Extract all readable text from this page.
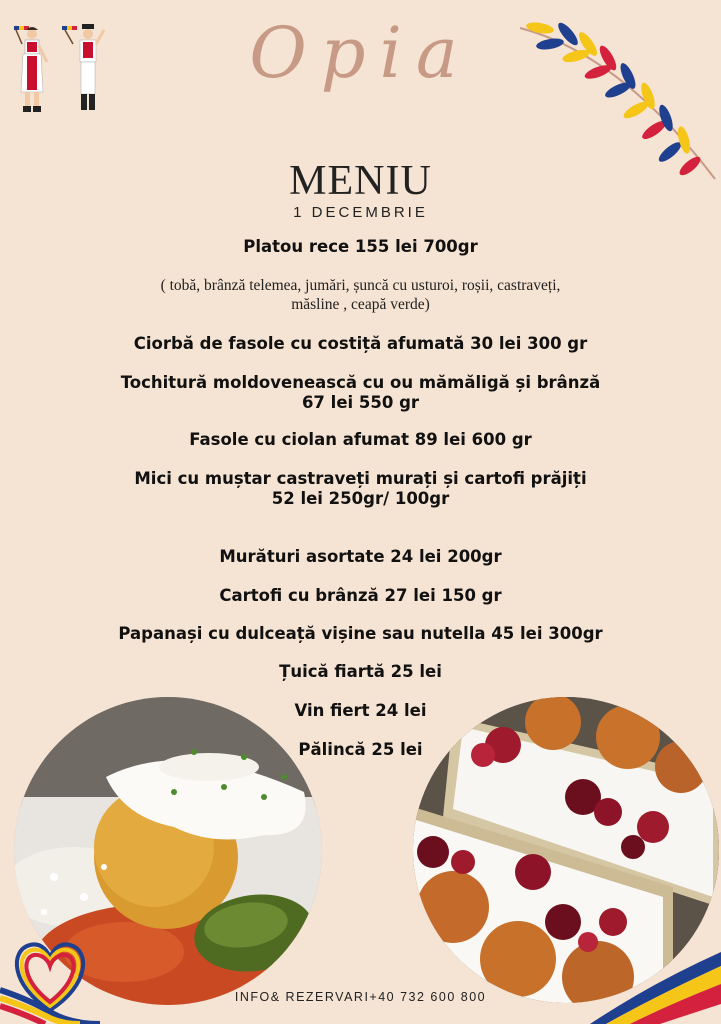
Opia
MENIU
1 DECEMBRIE
Platou rece 155 lei 700gr
( tobă, brânză telemea, jumări, șuncă cu usturoi, roșii, castraveți,
măsline , ceapă verde)
Ciorbă de fasole cu costiță afumată 30 lei 300 gr
Tochitură moldovenească cu ou mămăligă și brânză
67 lei 550 gr
Fasole cu ciolan afumat 89 lei 600 gr
Mici cu muștar castraveți murați și cartofi prăjiți
52 lei 250gr/ 100gr
Murături asortate 24 lei 200gr
Cartofi cu brânză 27 lei 150 gr
Papanași cu dulceață vișine sau nutella 45 lei 300gr
Țuică fiartă 25 lei
Vin fiert 24 lei
Pălincă 25 lei
INFO& REZERVARI+40 732 600 800
